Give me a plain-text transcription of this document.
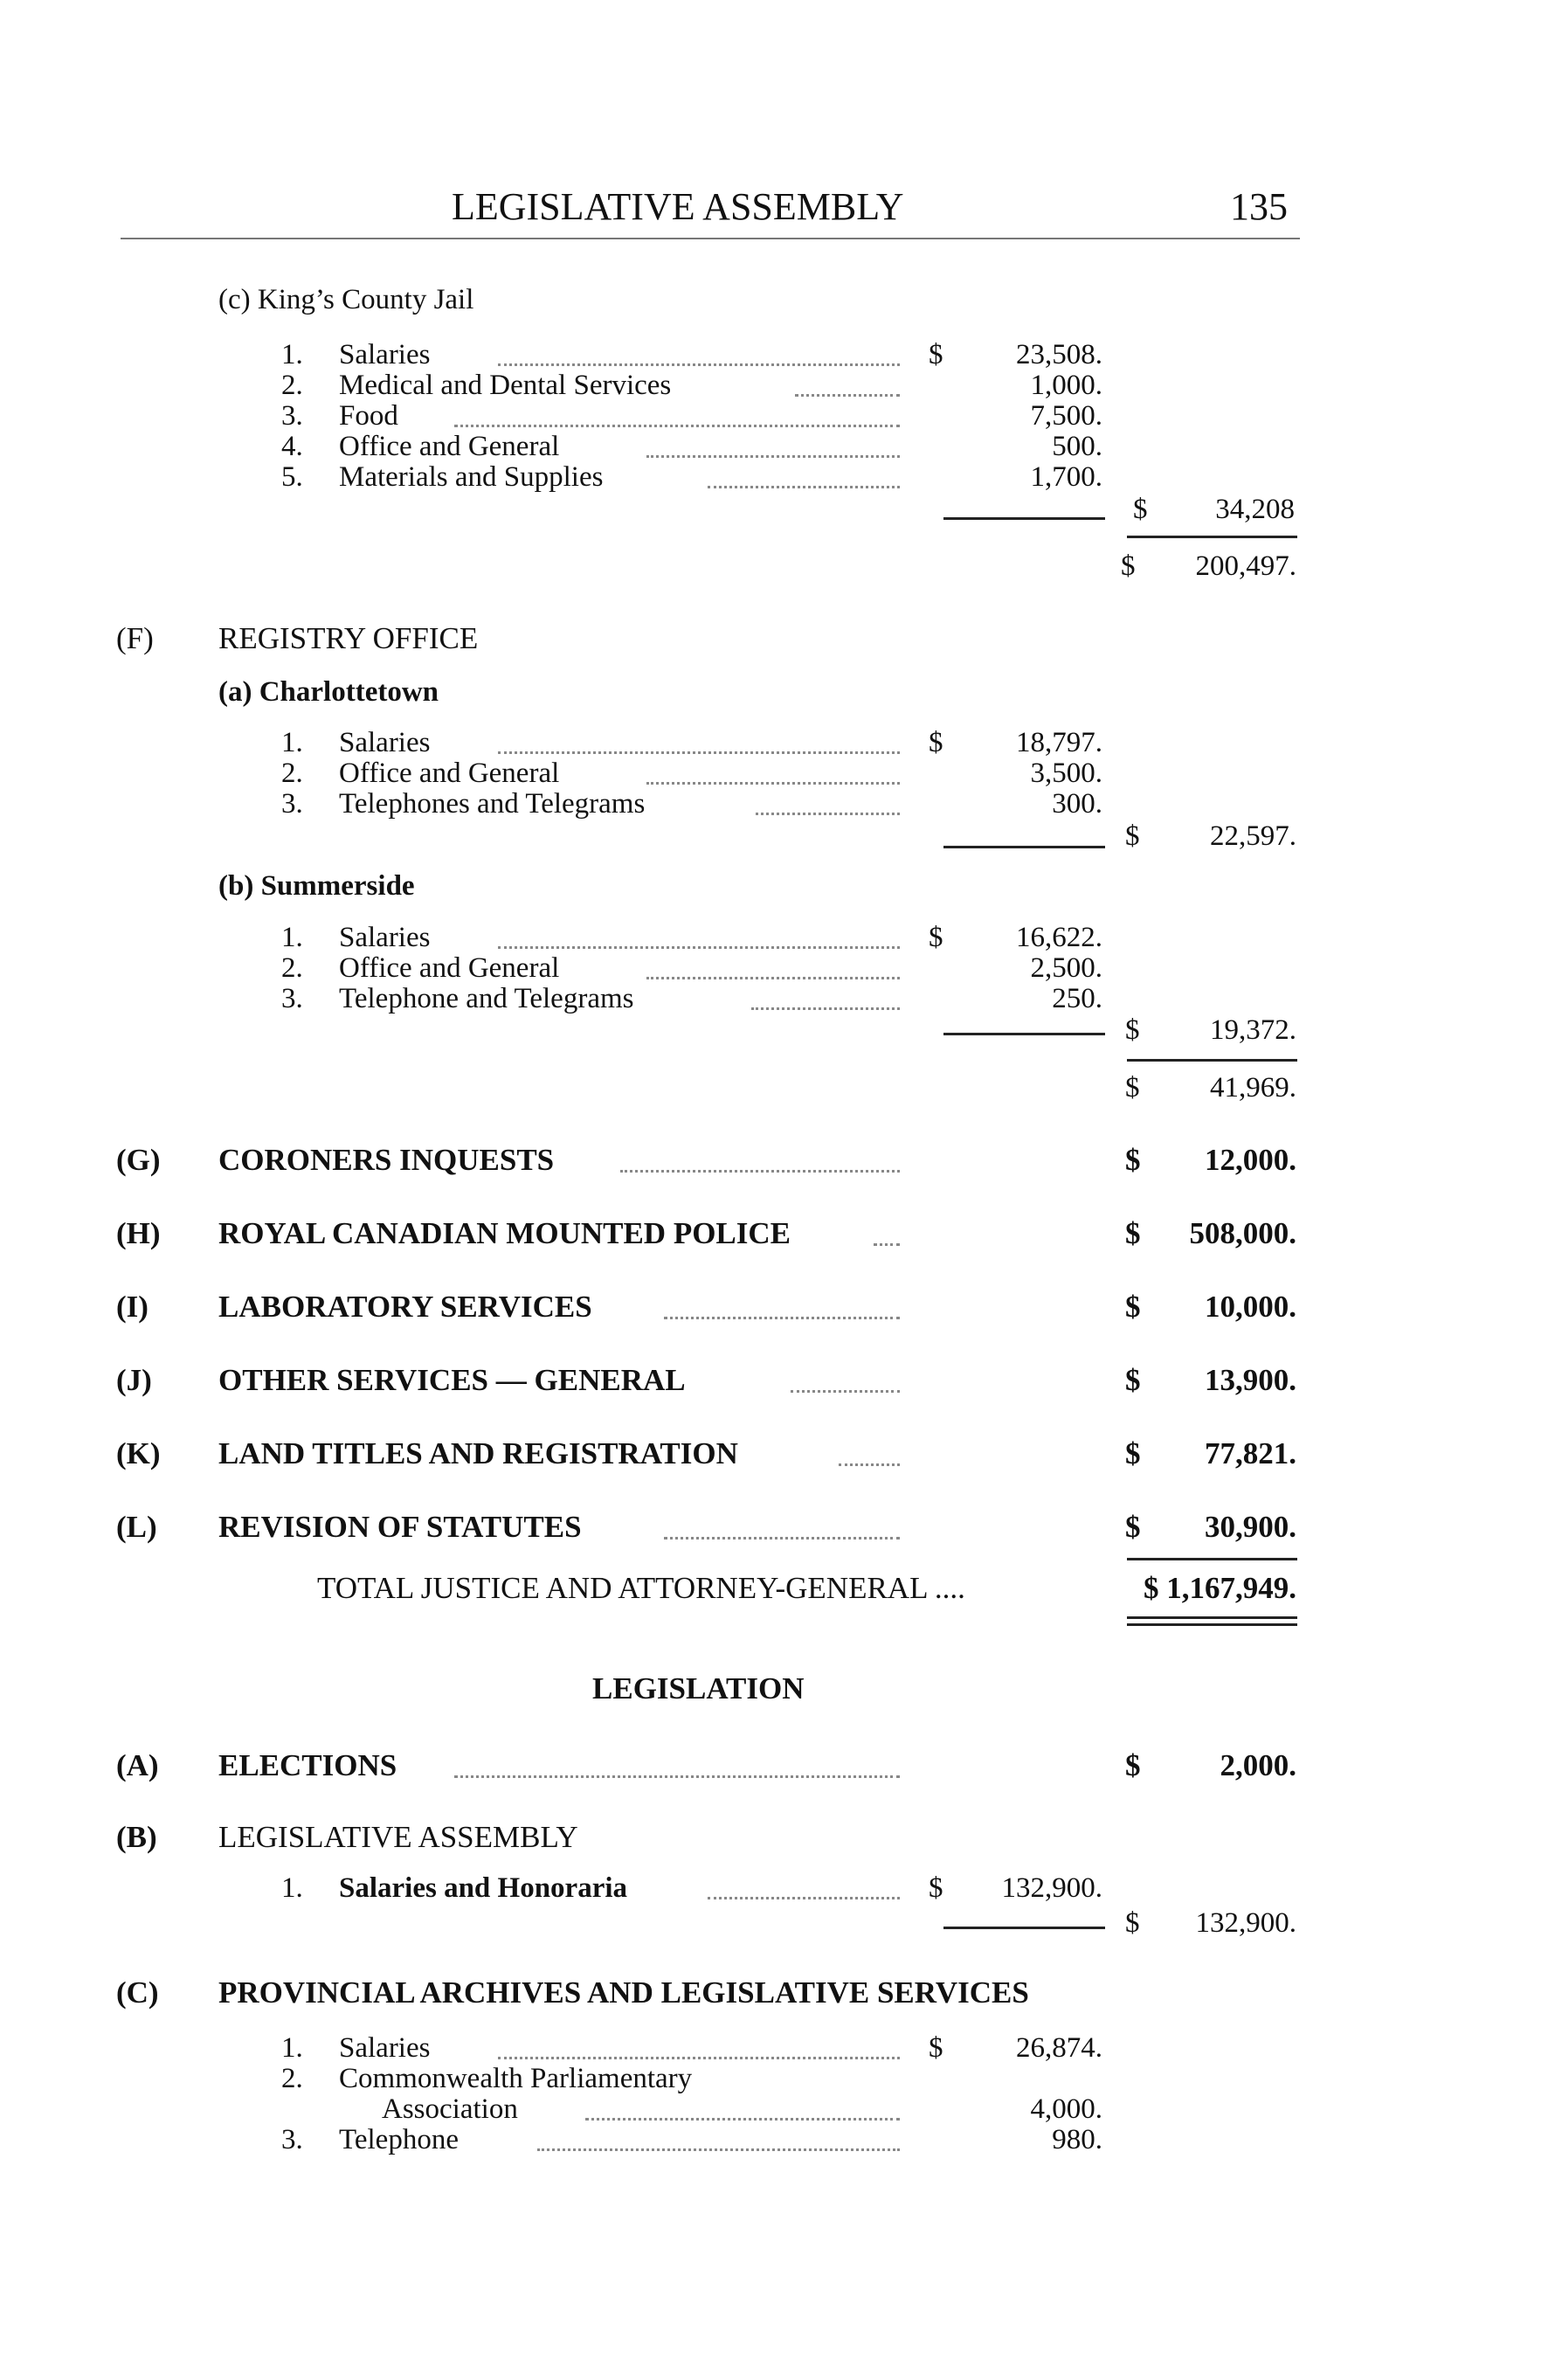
LEGISLATIVE ASSEMBLY	135
(c) King’s County Jail
1. Salaries	$	23,508.
2. Medical and Dental Services	1,000.
3. Food	7,500.
4. Office and General	500.
5. Materials and Supplies	1,700.
$ 34,208
$ 200,497.
(F) REGISTRY OFFICE
(a) Charlottetown
1. Salaries	$	18,797.
2. Office and General	3,500.
3. Telephones and Telegrams	300.
$ 22,597.
(b) Summerside
1. Salaries	$	16,622.
2. Office and General	2,500.
3. Telephone and Telegrams	250.
$ 19,372.
$ 41,969.
(G) CORONERS INQUESTS	$ 12,000.
(H) ROYAL CANADIAN MOUNTED POLICE	$ 508,000.
(I) LABORATORY SERVICES	$ 10,000.
(J) OTHER SERVICES — GENERAL	$ 13,900.
(K) LAND TITLES AND REGISTRATION	$ 77,821.
(L) REVISION OF STATUTES	$ 30,900.
TOTAL JUSTICE AND ATTORNEY-GENERAL ....	$ 1,167,949.
LEGISLATION
(A) ELECTIONS	$	2,000.
(B) LEGISLATIVE ASSEMBLY
1. Salaries and Honoraria	$ 132,900.
$ 132,900.
(C) PROVINCIAL ARCHIVES AND LEGISLATIVE SERVICES
1. Salaries	$	26,874.
2. Commonwealth Parliamentary
Association	4,000.
3. Telephone	980.
